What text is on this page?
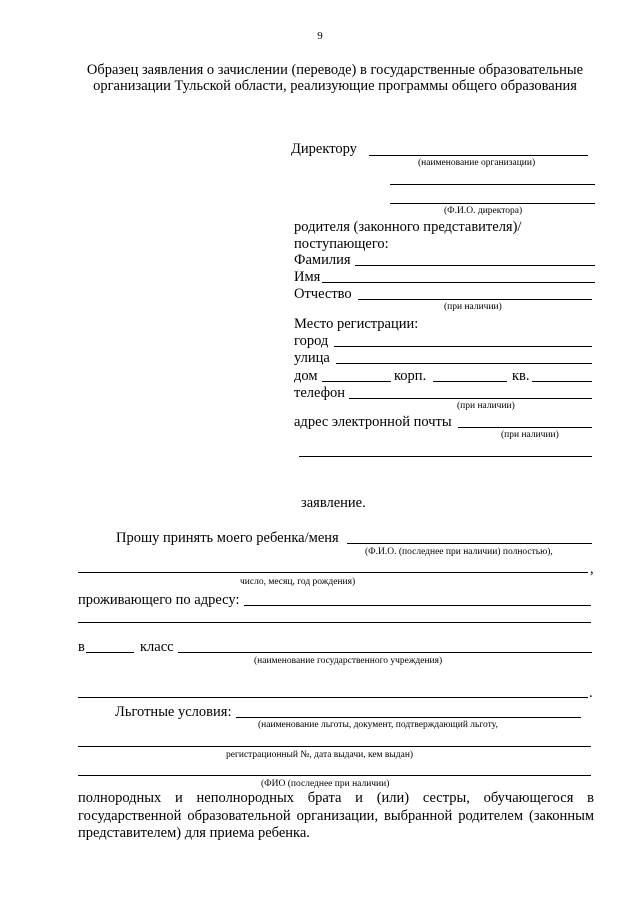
9
Образец заявления о зачислении (переводе) в государственные образовательные организации Тульской области, реализующие программы общего образования
Директору
(наименование организации)
(Ф.И.О. директора)
родителя (законного представителя)/
поступающего:
Фамилия
Имя
Отчество
(при наличии)
Место регистрации:
город
улица
дом	корп.	кв.
телефон
(при наличии)
адрес электронной почты
(при наличии)
заявление.
Прошу принять моего ребенка/меня
(Ф.И.О. (последнее при наличии) полностью),
,
число, месяц, год рождения)
проживающего по адресу:
в	класс
(наименование государственного учреждения)
.
Льготные условия:
(наименование льготы, документ, подтверждающий льготу,
регистрационный №, дата выдачи, кем выдан)
(ФИО (последнее при наличии)
полнородных и неполнородных брата и (или) сестры, обучающегося в государственной образовательной организации, выбранной родителем (законным представителем) для приема ребенка.
